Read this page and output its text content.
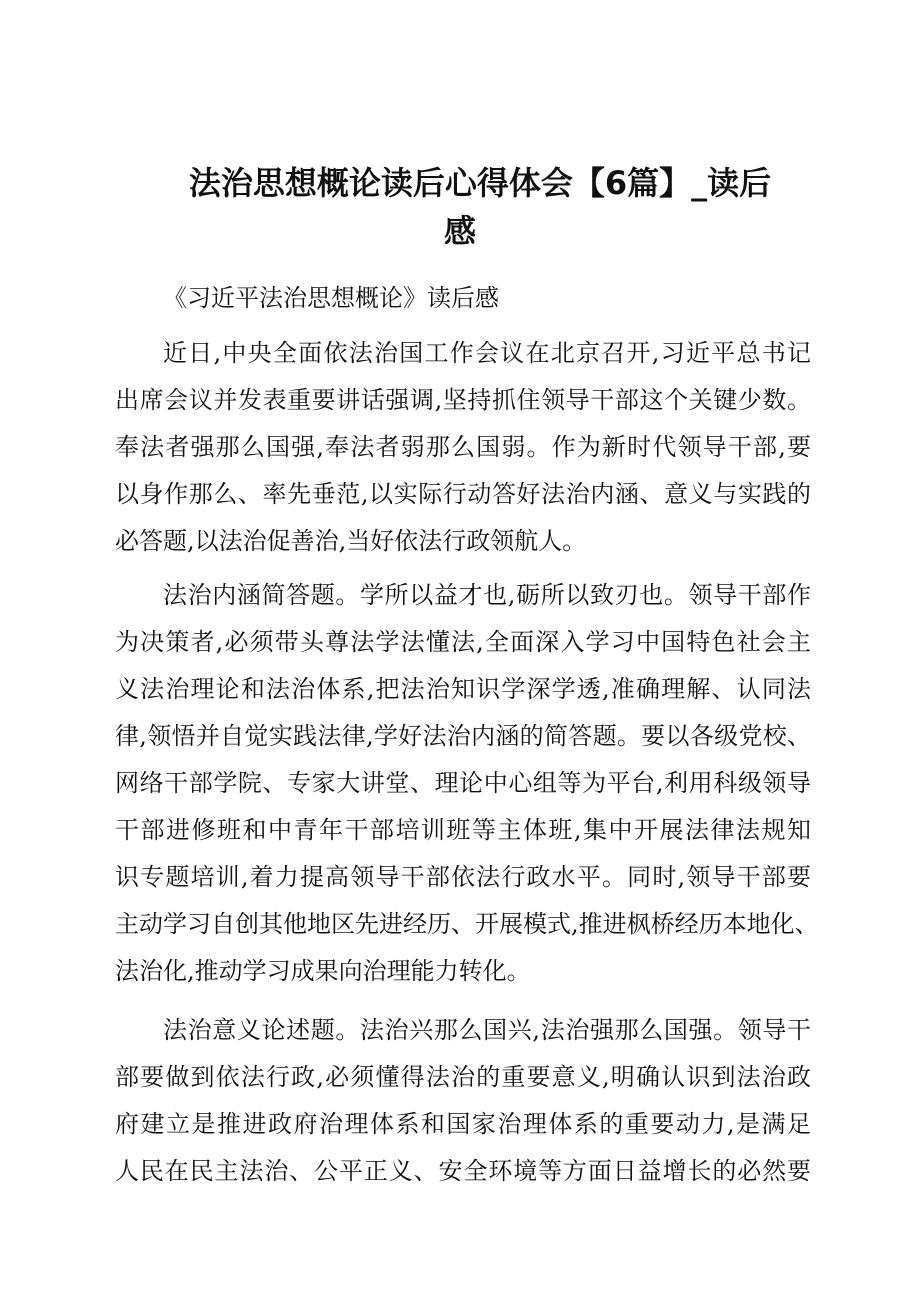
法治思想概论读后心得体会【6篇】_读后
感
《习近平法治思想概论》读后感
近日,中央全面依法治国工作会议在北京召开,习近平总书记
出席会议并发表重要讲话强调,坚持抓住领导干部这个关键少数。
奉法者强那么国强,奉法者弱那么国弱。作为新时代领导干部,要
以身作那么、率先垂范,以实际行动答好法治内涵、意义与实践的
必答题,以法治促善治,当好依法行政领航人。
法治内涵简答题。学所以益才也,砺所以致刃也。领导干部作
为决策者,必须带头尊法学法懂法,全面深入学习中国特色社会主
义法治理论和法治体系,把法治知识学深学透,准确理解、认同法
律,领悟并自觉实践法律,学好法治内涵的简答题。要以各级党校、
网络干部学院、专家大讲堂、理论中心组等为平台,利用科级领导
干部进修班和中青年干部培训班等主体班,集中开展法律法规知
识专题培训,着力提高领导干部依法行政水平。同时,领导干部要
主动学习自创其他地区先进经历、开展模式,推进枫桥经历本地化、
法治化,推动学习成果向治理能力转化。
法治意义论述题。法治兴那么国兴,法治强那么国强。领导干
部要做到依法行政,必须懂得法治的重要意义,明确认识到法治政
府建立是推进政府治理体系和国家治理体系的重要动力,是满足
人民在民主法治、公平正义、安全环境等方面日益增长的必然要
